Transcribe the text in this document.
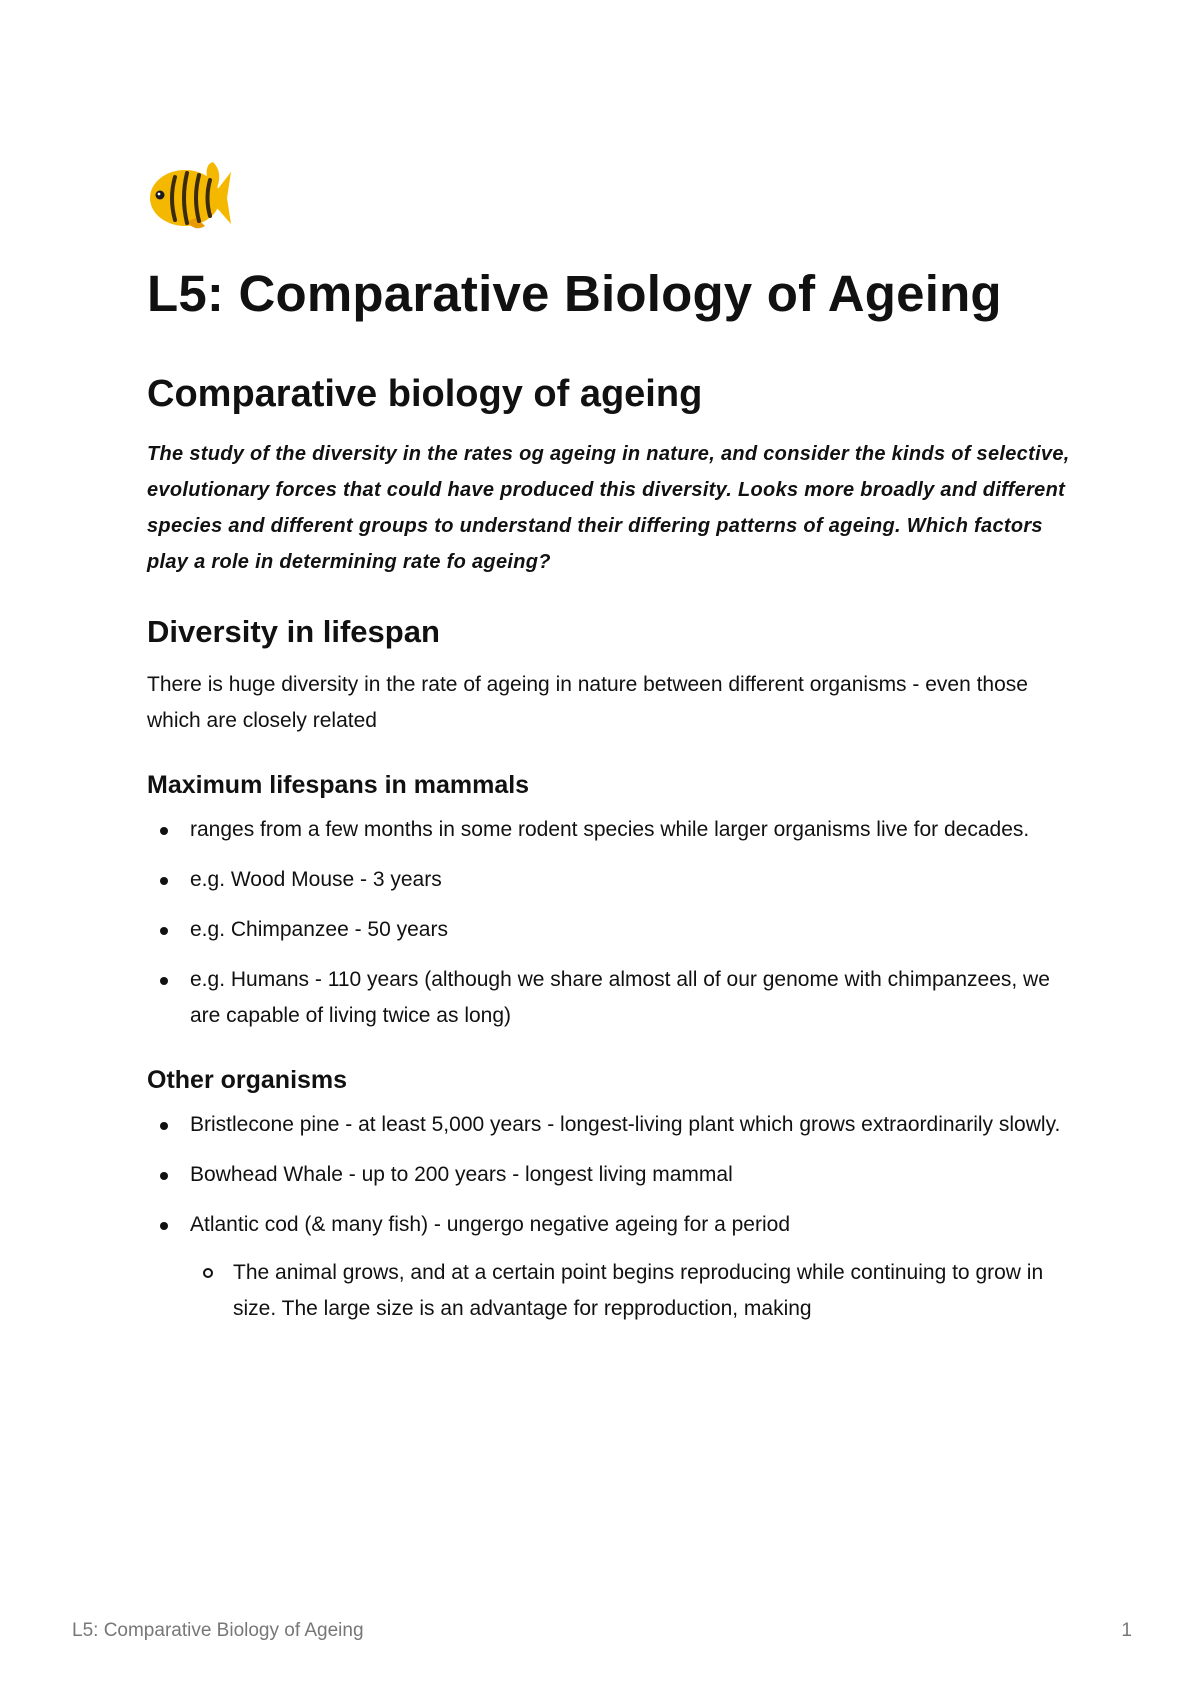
L5: Comparative Biology of Ageing
Comparative biology of ageing

The study of the diversity in the rates og ageing in nature, and consider the kinds of selective, evolutionary forces that could have produced this diversity. Looks more broadly and different species and different groups to understand their differing patterns of ageing. Which factors play a role in determining rate fo ageing?

Diversity in lifespan

There is huge diversity in the rate of ageing in nature between different organisms - even those which are closely related

Maximum lifespans in mammals
ranges from a few months in some rodent species while larger organisms live for decades.
e.g. Wood Mouse - 3 years
e.g. Chimpanzee - 50 years
e.g. Humans - 110 years (although we share almost all of our genome with chimpanzees, we are capable of living twice as long)
Other organisms
Bristlecone pine - at least 5,000 years - longest-living plant which grows extraordinarily slowly.
Bowhead Whale - up to 200 years - longest living mammal
Atlantic cod (& many fish) - ungergo negative ageing for a period
The animal grows, and at a certain point begins reproducing while continuing to grow in size. The large size is an advantage for repproduction, making
L5: Comparative Biology of Ageing	1
